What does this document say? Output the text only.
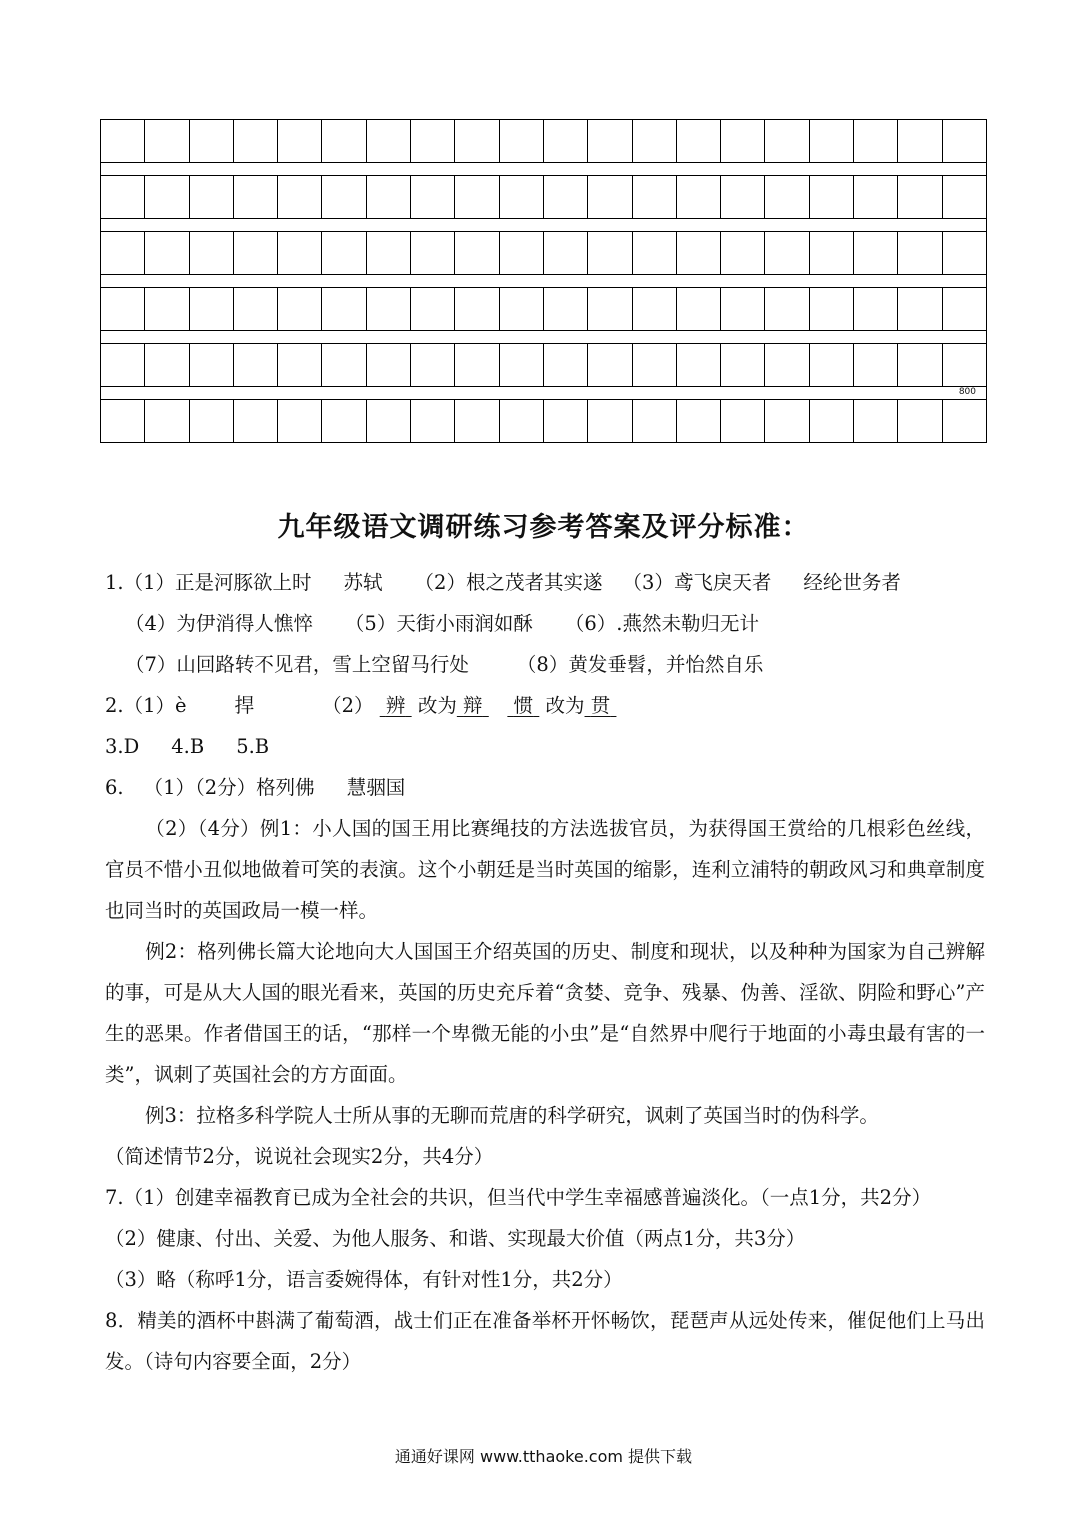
800
九年级语文调研练习参考答案及评分标准：
1.（1）正是河豚欲上时 苏轼 （2）根之茂者其实遂 （3）鸢飞戾天者 经纶世务者
（4）为伊消得人憔悴 （5）天街小雨润如酥 （6）.燕然未勒归无计
（7）山回路转不见君，雪上空留马行处 （8）黄发垂髫，并怡然自乐
2.（1）è 捍	（2） 辨 改为 辩 惯 改为 贯
3.D 4.B 5.B
6. （1）（2分）格列佛 慧骃国
（2）（4分）例1：小人国的国王用比赛绳技的方法选拔官员，为获得国王赏给的几根彩色丝线，官员不惜小丑似地做着可笑的表演。这个小朝廷是当时英国的缩影，连利立浦特的朝政风习和典章制度也同当时的英国政局一模一样。
例2：格列佛长篇大论地向大人国国王介绍英国的历史、制度和现状，以及种种为国家为自己辨解的事，可是从大人国的眼光看来，英国的历史充斥着“贪婪、竞争、残暴、伪善、淫欲、阴险和野心”产生的恶果。作者借国王的话，“那样一个卑微无能的小虫”是“自然界中爬行于地面的小毒虫最有害的一类”，讽刺了英国社会的方方面面。
例3：拉格多科学院人士所从事的无聊而荒唐的科学研究，讽刺了英国当时的伪科学。
（简述情节2分，说说社会现实2分，共4分）
7.（1）创建幸福教育已成为全社会的共识，但当代中学生幸福感普遍淡化。（一点1分，共2分）
（2）健康、付出、关爱、为他人服务、和谐、实现最大价值（两点1分，共3分）
（3）略（称呼1分，语言委婉得体，有针对性1分，共2分）
8．精美的酒杯中斟满了葡萄酒，战士们正在准备举杯开怀畅饮，琵琶声从远处传来，催促他们上马出发。（诗句内容要全面，2分）
通通好课网 www.tthaoke.com 提供下载
